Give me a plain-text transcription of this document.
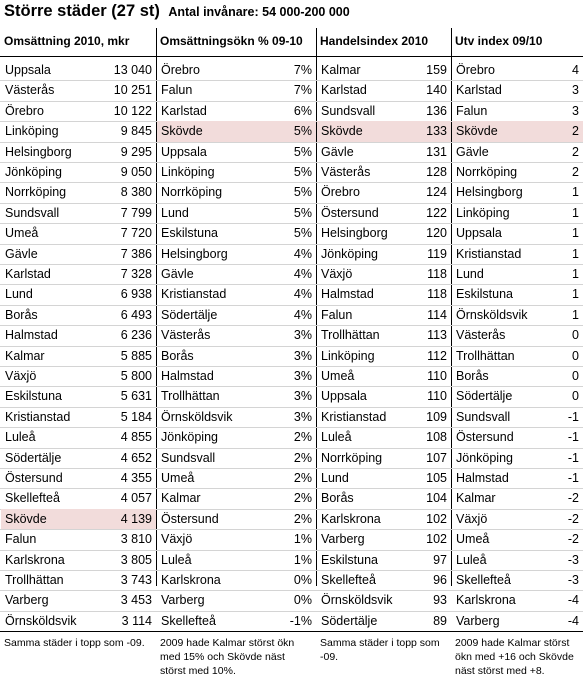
Större städer (27 st) Antal invånare: 54 000-200 000
Omsättning 2010, mkr
Uppsala	13 040
Västerås	10 251
Örebro	10 122
Linköping	9 845
Helsingborg	9 295
Jönköping	9 050
Norrköping	8 380
Sundsvall	7 799
Umeå	7 720
Gävle	7 386
Karlstad	7 328
Lund	6 938
Borås	6 493
Halmstad	6 236
Kalmar	5 885
Växjö	5 800
Eskilstuna	5 631
Kristianstad	5 184
Luleå	4 855
Södertälje	4 652
Östersund	4 355
Skellefteå	4 057
Skövde	4 139
Falun	3 810
Karlskrona	3 805
Trollhättan	3 743
Varberg	3 453
Örnsköldsvik	3 114
Samma städer i topp som -09.
Omsättningsökn % 09-10
Örebro	7%
Falun	7%
Karlstad	6%
Skövde	5%
Uppsala	5%
Linköping	5%
Norrköping	5%
Lund	5%
Eskilstuna	5%
Helsingborg	4%
Gävle	4%
Kristianstad	4%
Södertälje	4%
Västerås	3%
Borås	3%
Halmstad	3%
Trollhättan	3%
Örnsköldsvik	3%
Jönköping	2%
Sundsvall	2%
Umeå	2%
Kalmar	2%
Östersund	2%
Växjö	1%
Luleå	1%
Karlskrona	0%
Varberg	0%
Skellefteå	-1%
2009 hade Kalmar störst ökn med 15% och Skövde näst störst med 10%.
Handelsindex 2010
Kalmar	159
Karlstad	140
Sundsvall	136
Skövde	133
Gävle	131
Västerås	128
Örebro	124
Östersund	122
Helsingborg	120
Jönköping	119
Växjö	118
Halmstad	118
Falun	114
Trollhättan	113
Linköping	112
Umeå	110
Uppsala	110
Kristianstad	109
Luleå	108
Norrköping	107
Lund	105
Borås	104
Karlskrona	102
Varberg	102
Eskilstuna	97
Skellefteå	96
Örnsköldsvik	93
Södertälje	89
Samma städer i topp som -09.
Utv index 09/10
Örebro	4
Karlstad	3
Falun	3
Skövde	2
Gävle	2
Norrköping	2
Helsingborg	1
Linköping	1
Uppsala	1
Kristianstad	1
Lund	1
Eskilstuna	1
Örnsköldsvik	1
Västerås	0
Trollhättan	0
Borås	0
Södertälje	0
Sundsvall	-1
Östersund	-1
Jönköping	-1
Halmstad	-1
Kalmar	-2
Växjö	-2
Umeå	-2
Luleå	-3
Skellefteå	-3
Karlskrona	-4
Varberg	-4
2009 hade Kalmar störst ökn med +16 och Skövde näst störst med +8.
